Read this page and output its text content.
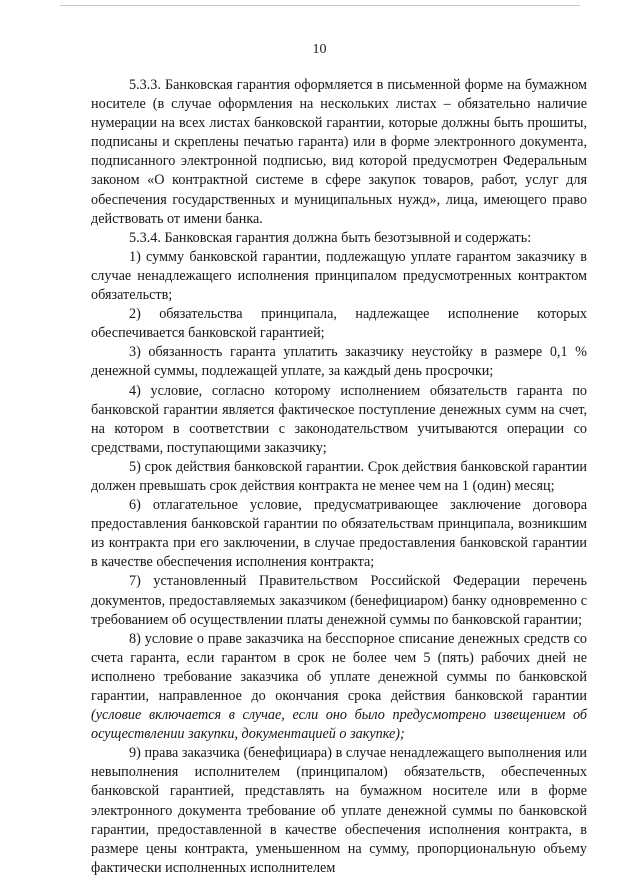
10

5.3.3. Банковская гарантия оформляется в письменной форме на бумажном носителе (в случае оформления на нескольких листах – обязательно наличие нумерации на всех листах банковской гарантии, которые должны быть прошиты, подписаны и скреплены печатью гаранта) или в форме электронного документа, подписанного электронной подписью, вид которой предусмотрен Федеральным законом «О контрактной системе в сфере закупок товаров, работ, услуг для обеспечения государственных и муниципальных нужд», лица, имеющего право действовать от имени банка.

5.3.4. Банковская гарантия должна быть безотзывной и содержать:

1) сумму банковской гарантии, подлежащую уплате гарантом заказчику в случае ненадлежащего исполнения принципалом предусмотренных контрактом обязательств;

2) обязательства принципала, надлежащее исполнение которых обеспечивается банковской гарантией;

3) обязанность гаранта уплатить заказчику неустойку в размере 0,1 % денежной суммы, подлежащей уплате, за каждый день просрочки;

4) условие, согласно которому исполнением обязательств гаранта по банковской гарантии является фактическое поступление денежных сумм на счет, на котором в соответствии с законодательством учитываются операции со средствами, поступающими заказчику;

5) срок действия банковской гарантии. Срок действия банковской гарантии должен превышать срок действия контракта не менее чем на 1 (один) месяц;

6) отлагательное условие, предусматривающее заключение договора предоставления банковской гарантии по обязательствам принципала, возникшим из контракта при его заключении, в случае предоставления банковской гарантии в качестве обеспечения исполнения контракта;

7) установленный Правительством Российской Федерации перечень документов, предоставляемых заказчиком (бенефициаром) банку одновременно с требованием об осуществлении платы денежной суммы по банковской гарантии;

8) условие о праве заказчика на бесспорное списание денежных средств со счета гаранта, если гарантом в срок не более чем 5 (пять) рабочих дней не исполнено требование заказчика об уплате денежной суммы по банковской гарантии, направленное до окончания срока действия банковской гарантии (условие включается в случае, если оно было предусмотрено извещением об осуществлении закупки, документацией о закупке);

9) права заказчика (бенефициара) в случае ненадлежащего выполнения или невыполнения исполнителем (принципалом) обязательств, обеспеченных банковской гарантией, представлять на бумажном носителе или в форме электронного документа требование об уплате денежной суммы по банковской гарантии, предоставленной в качестве обеспечения исполнения контракта, в размере цены контракта, уменьшенном на сумму, пропорциональную объему фактически исполненных исполнителем
